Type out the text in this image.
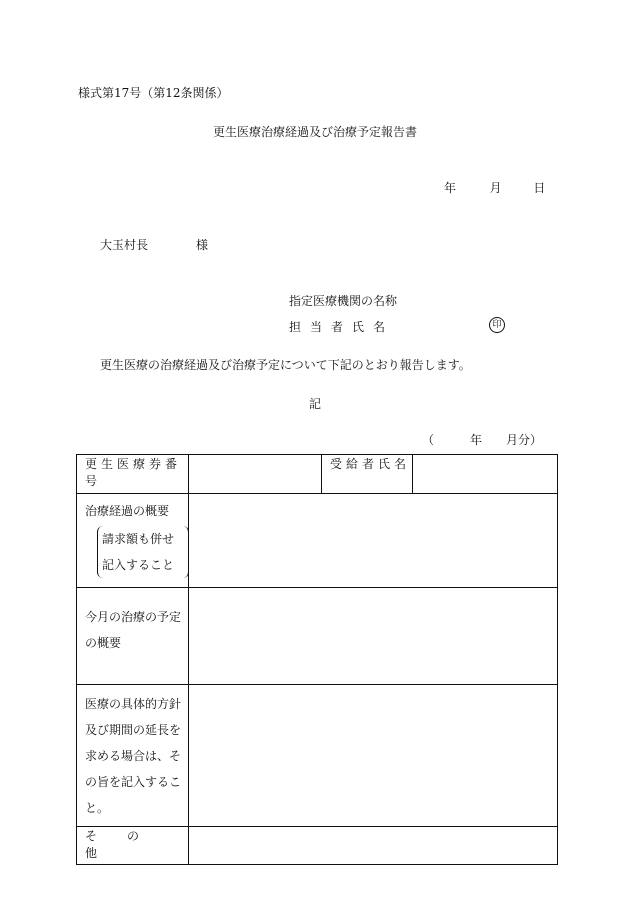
様式第17号（第12条関係）
更生医療治療経過及び治療予定報告書
年	月	日
大玉村長	様
指定医療機関の名称
担当者氏名	印
更生医療の治療経過及び治療予定について下記のとおり報告します。
記
（	年 月分）
更生医療券番号		受給者氏名	

治療経過の概要
請求額も併せ
記入すること			

今月の治療の予定
の概要			

医療の具体的方針
及び期間の延長を
求める場合は、そ
の旨を記入するこ
と。			

その他			
